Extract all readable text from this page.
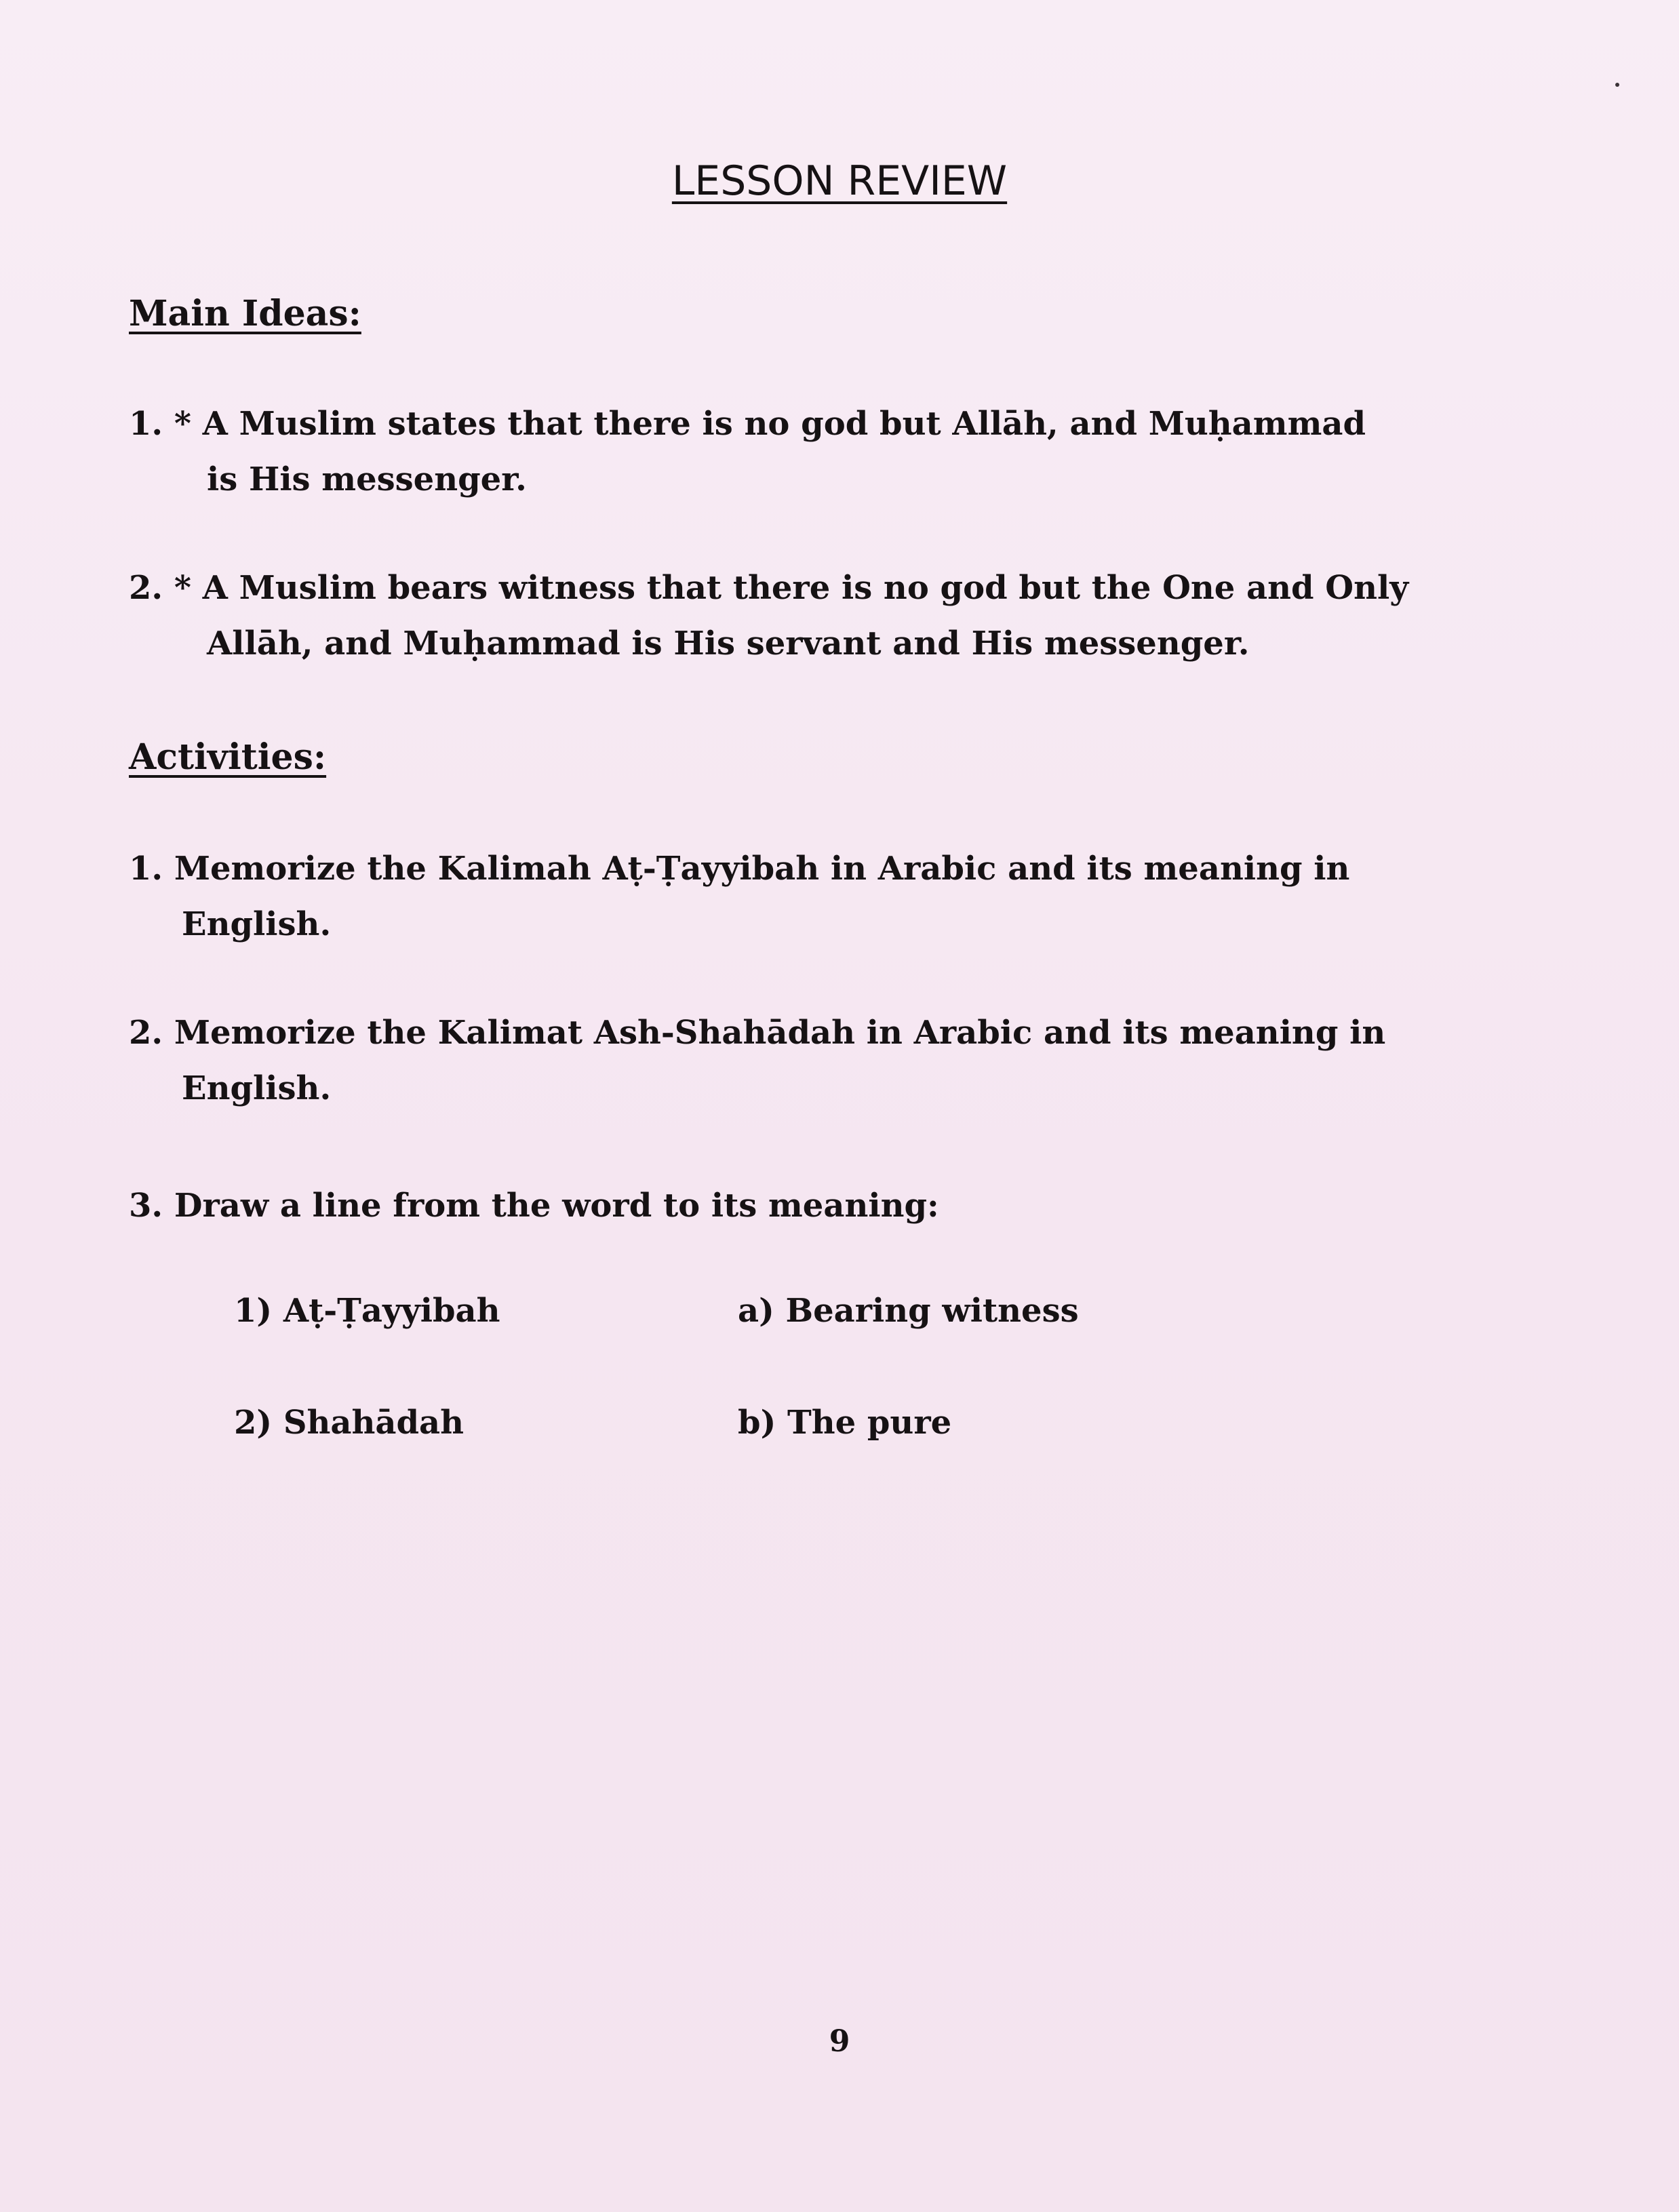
LESSON REVIEW
Main Ideas:
1. * A Muslim states that there is no god but Allāh, and Muḥammad
is His messenger.
2. * A Muslim bears witness that there is no god but the One and Only
Allāh, and Muḥammad is His servant and His messenger.
Activities:
1. Memorize the Kalimah Aṭ-Ṭayyibah in Arabic and its meaning in
English.
2. Memorize the Kalimat Ash-Shahādah in Arabic and its meaning in
English.
3. Draw a line from the word to its meaning:
1) Aṭ-Ṭayyibah	a) Bearing witness
2) Shahādah	b) The pure
9
